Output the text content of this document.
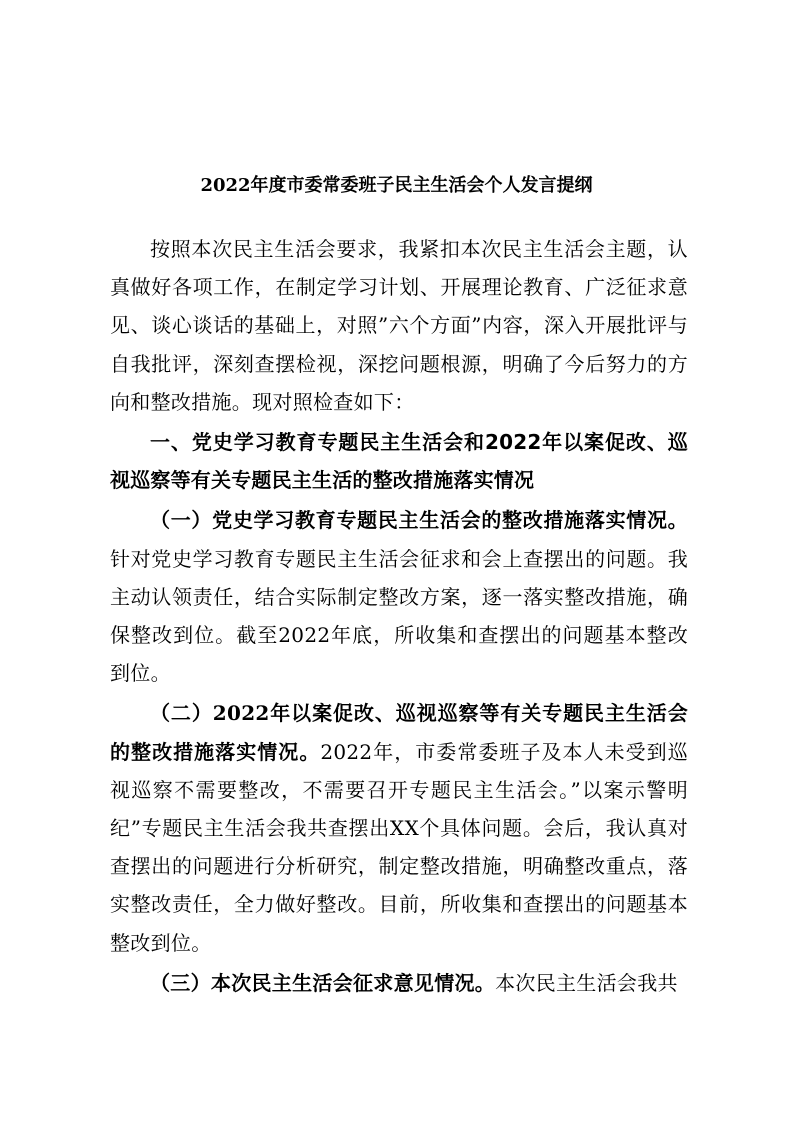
2022年度市委常委班子民主生活会个人发言提纲

按照本次民主生活会要求，我紧扣本次民主生活会主题，认真做好各项工作，在制定学习计划、开展理论教育、广泛征求意见、谈心谈话的基础上，对照”六个方面”内容，深入开展批评与自我批评，深刻查摆检视，深挖问题根源，明确了今后努力的方向和整改措施。现对照检查如下：

一、党史学习教育专题民主生活会和2022年以案促改、巡视巡察等有关专题民主生活的整改措施落实情况

（一）党史学习教育专题民主生活会的整改措施落实情况。针对党史学习教育专题民主生活会征求和会上查摆出的问题。我主动认领责任，结合实际制定整改方案，逐一落实整改措施，确保整改到位。截至2022年底，所收集和查摆出的问题基本整改到位。

（二）2022年以案促改、巡视巡察等有关专题民主生活会的整改措施落实情况。2022年，市委常委班子及本人未受到巡视巡察不需要整改，不需要召开专题民主生活会。”以案示警明纪”专题民主生活会我共查摆出XX个具体问题。会后，我认真对查摆出的问题进行分析研究，制定整改措施，明确整改重点，落实整改责任，全力做好整改。目前，所收集和查摆出的问题基本整改到位。

（三）本次民主生活会征求意见情况。本次民主生活会我共
